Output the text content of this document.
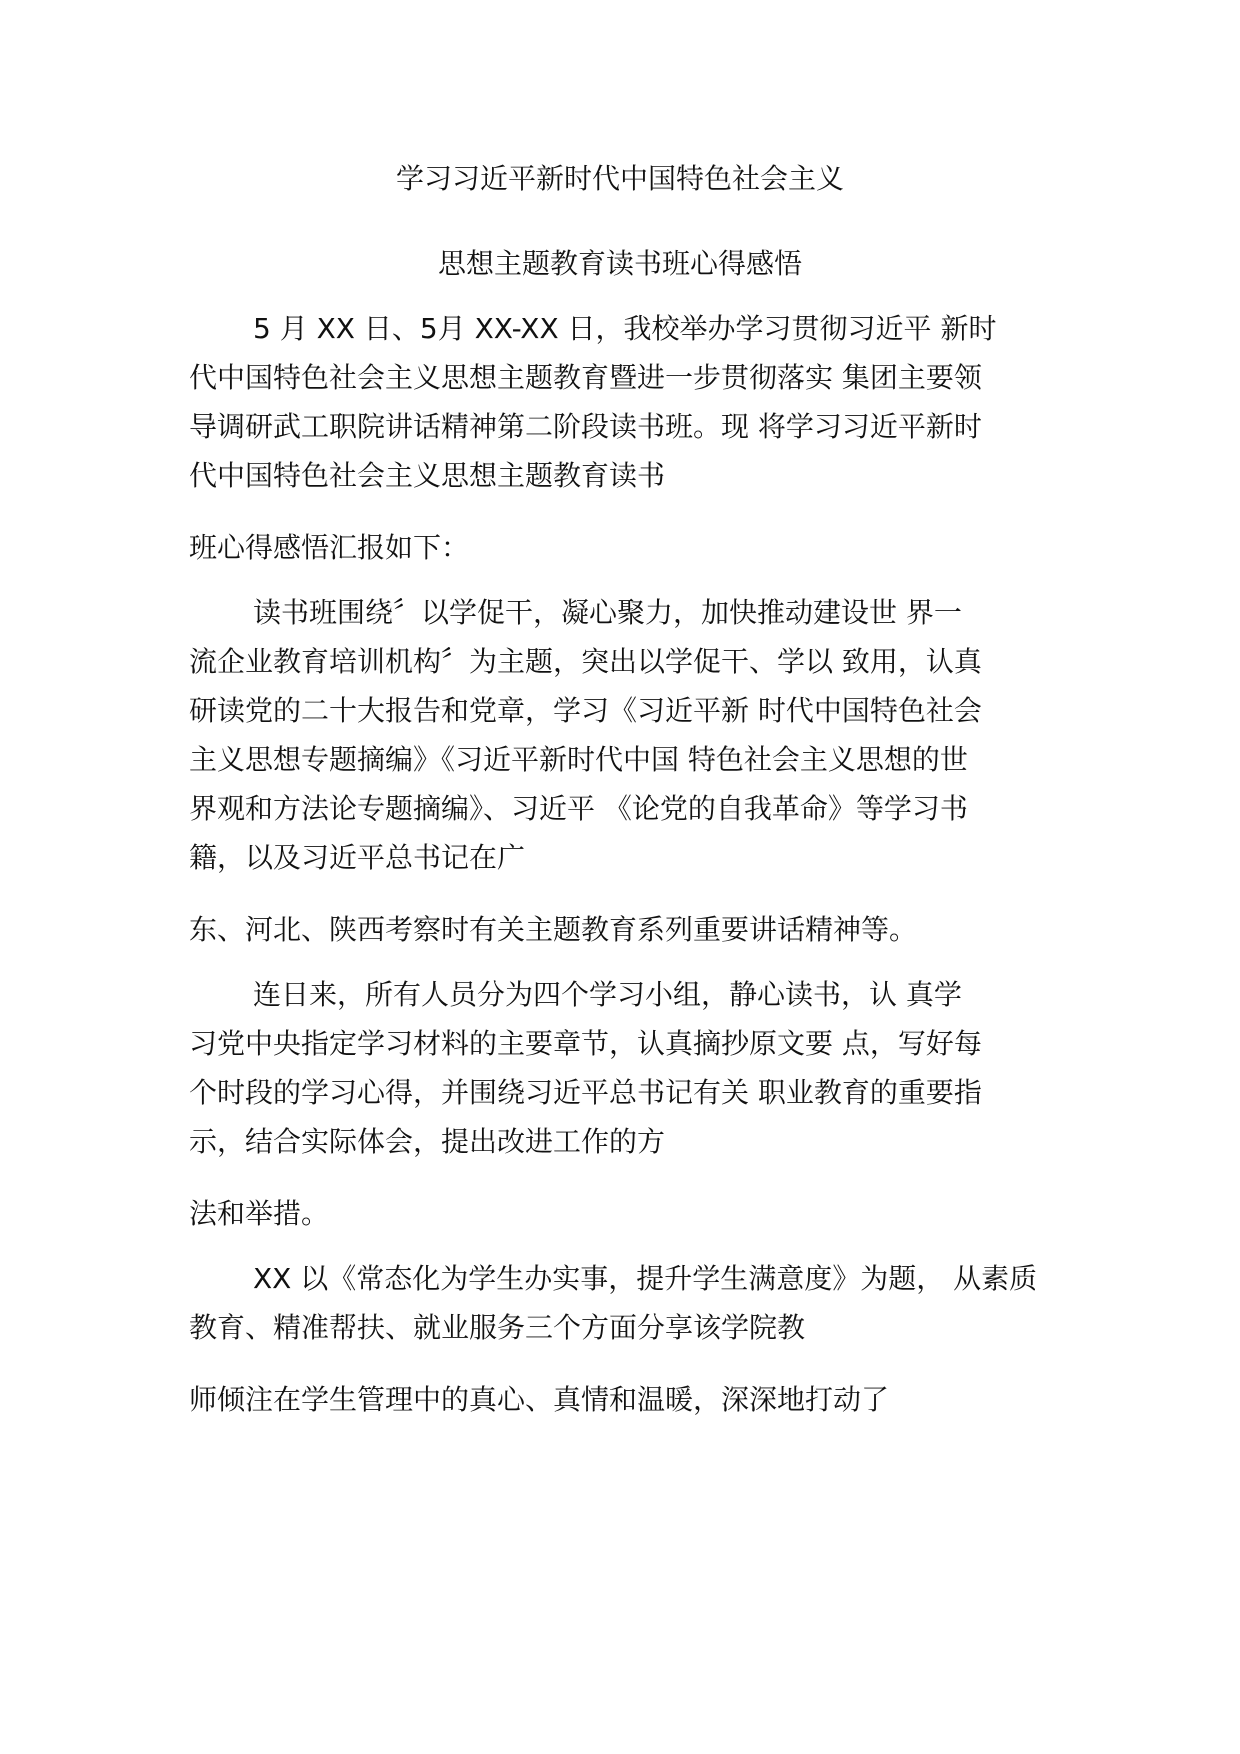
学习习近平新时代中国特色社会主义
思想主题教育读书班心得感悟
5 月 XX 日、5月 XX-XX 日，我校举办学习贯彻习近平 新时
代中国特色社会主义思想主题教育暨进一步贯彻落实 集团主要领
导调研武工职院讲话精神第二阶段读书班。现 将学习习近平新时
代中国特色社会主义思想主题教育读书
班心得感悟汇报如下：
读书班围绕〞以学促干，凝心聚力，加快推动建设世 界一
流企业教育培训机构〞为主题，突出以学促干、学以 致用，认真
研读党的二十大报告和党章，学习《习近平新 时代中国特色社会
主义思想专题摘编》《习近平新时代中国 特色社会主义思想的世
界观和方法论专题摘编》、习近平 《论党的自我革命》等学习书
籍，以及习近平总书记在广
东、河北、陕西考察时有关主题教育系列重要讲话精神等。
连日来，所有人员分为四个学习小组，静心读书，认 真学
习党中央指定学习材料的主要章节，认真摘抄原文要 点，写好每
个时段的学习心得，并围绕习近平总书记有关 职业教育的重要指
示，结合实际体会，提出改进工作的方
法和举措。
XX 以《常态化为学生办实事，提升学生满意度》为题， 从素质
教育、精准帮扶、就业服务三个方面分享该学院教
师倾注在学生管理中的真心、真情和温暖，深深地打动了
